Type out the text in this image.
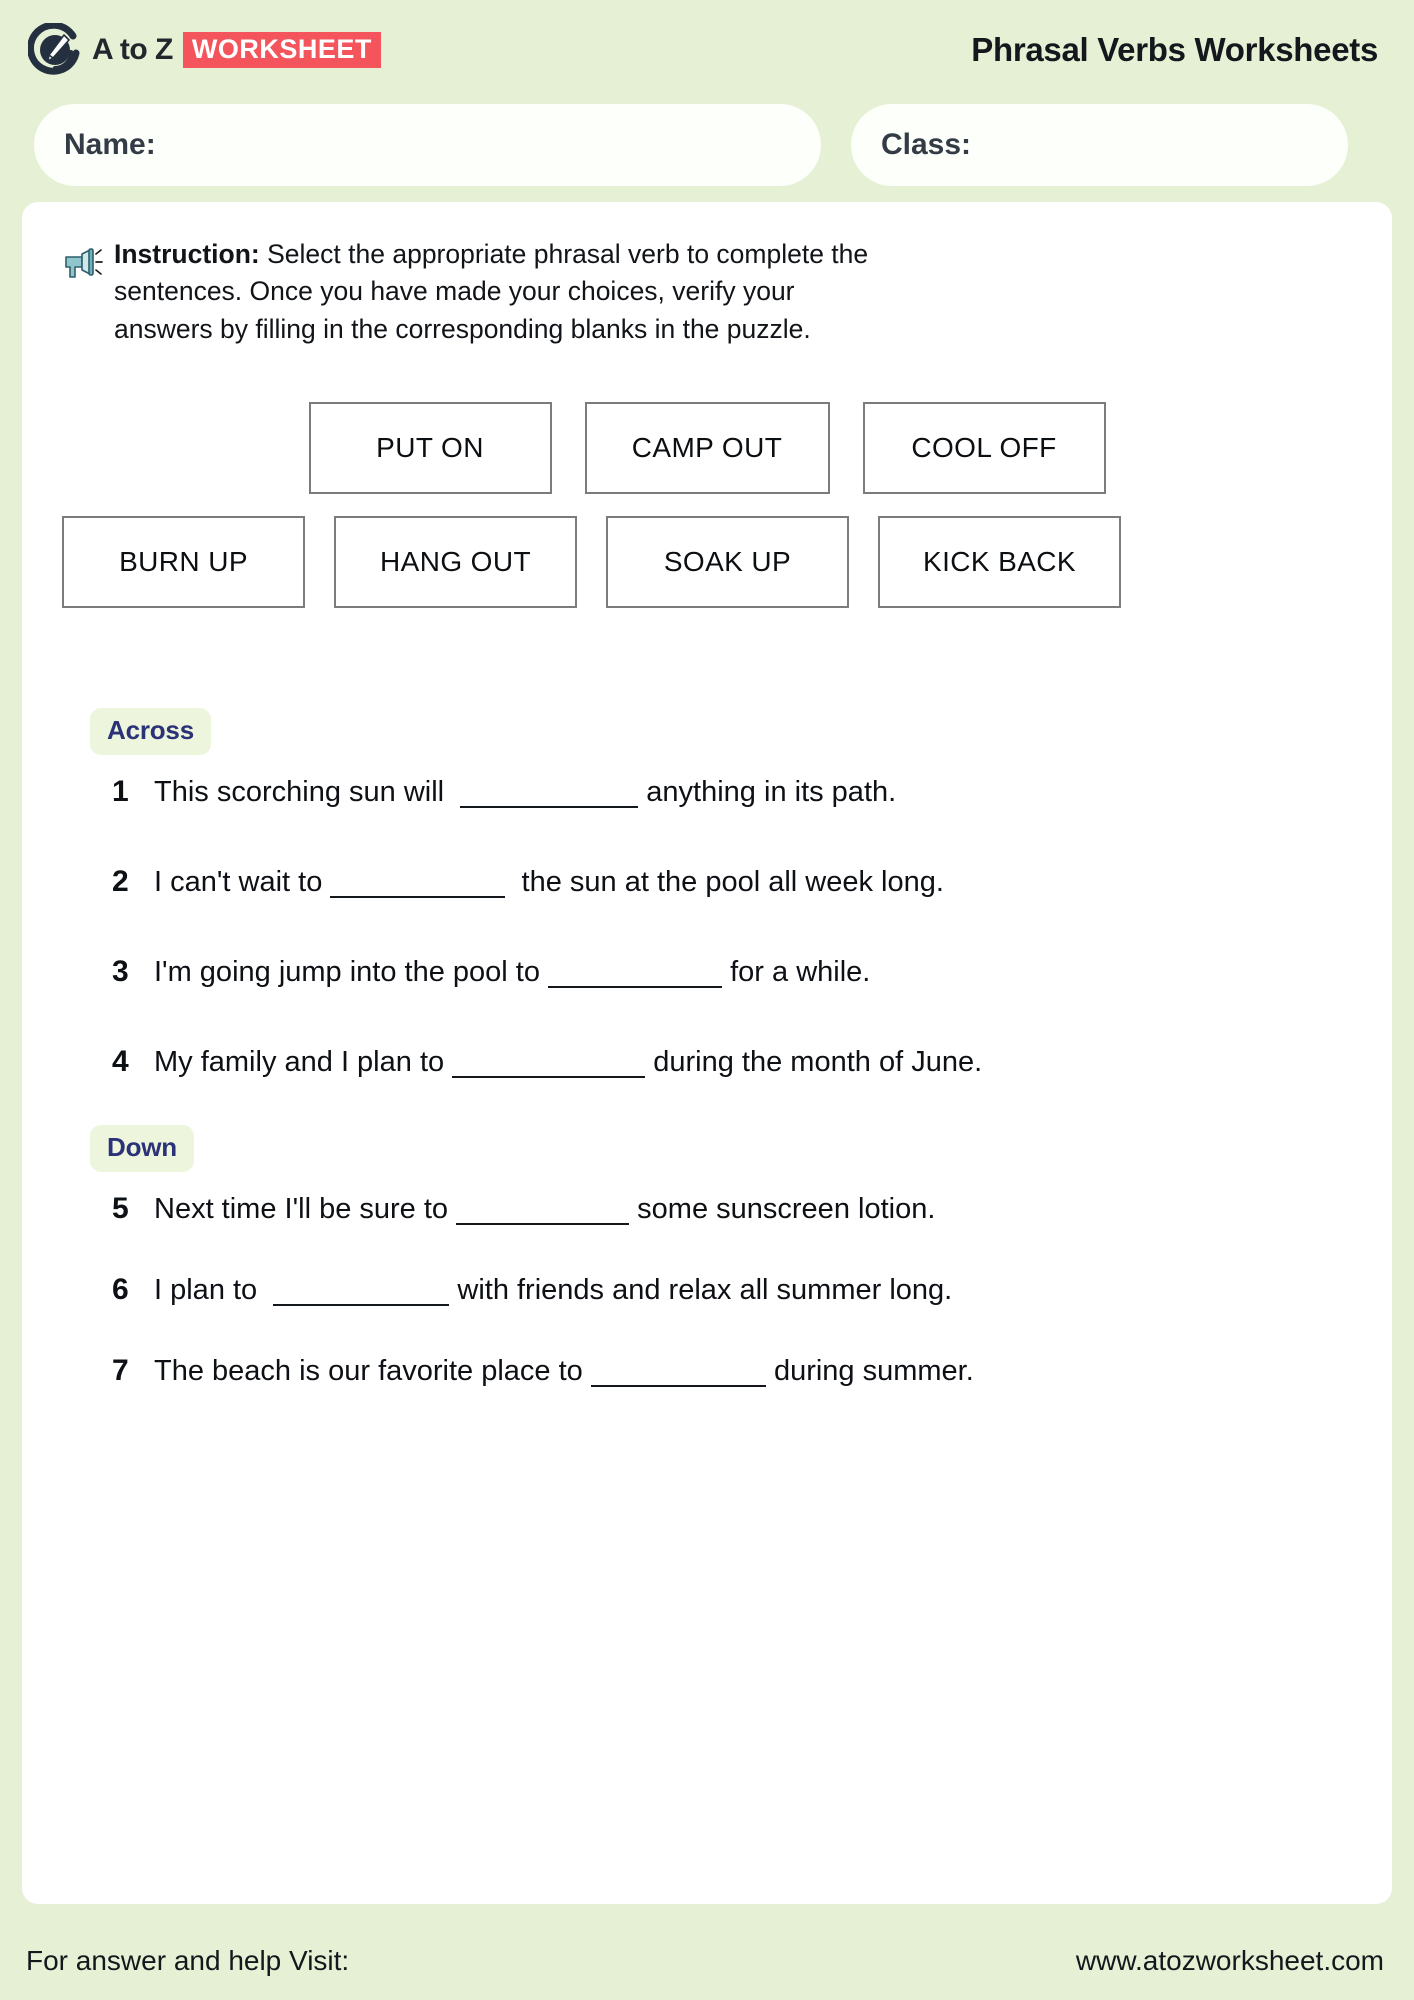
A to Z WORKSHEET	Phrasal Verbs Worksheets
Name:	Class:
Instruction: Select the appropriate phrasal verb to complete the
sentences. Once you have made your choices, verify your
answers by filling in the corresponding blanks in the puzzle.
PUT ON	CAMP OUT	COOL OFF
BURN UP	HANG OUT	SOAK UP	KICK BACK
Across
1 This scorching sun will	anything in its path.
2 I can't wait to	the sun at the pool all week long.
3 I'm going jump into the pool to	for a while.
4 My family and I plan to	during the month of June.
Down
5 Next time I'll be sure to	some sunscreen lotion.
6 I plan to	with friends and relax all summer long.
7 The beach is our favorite place to	during summer.
For answer and help Visit:	www.atozworksheet.com
